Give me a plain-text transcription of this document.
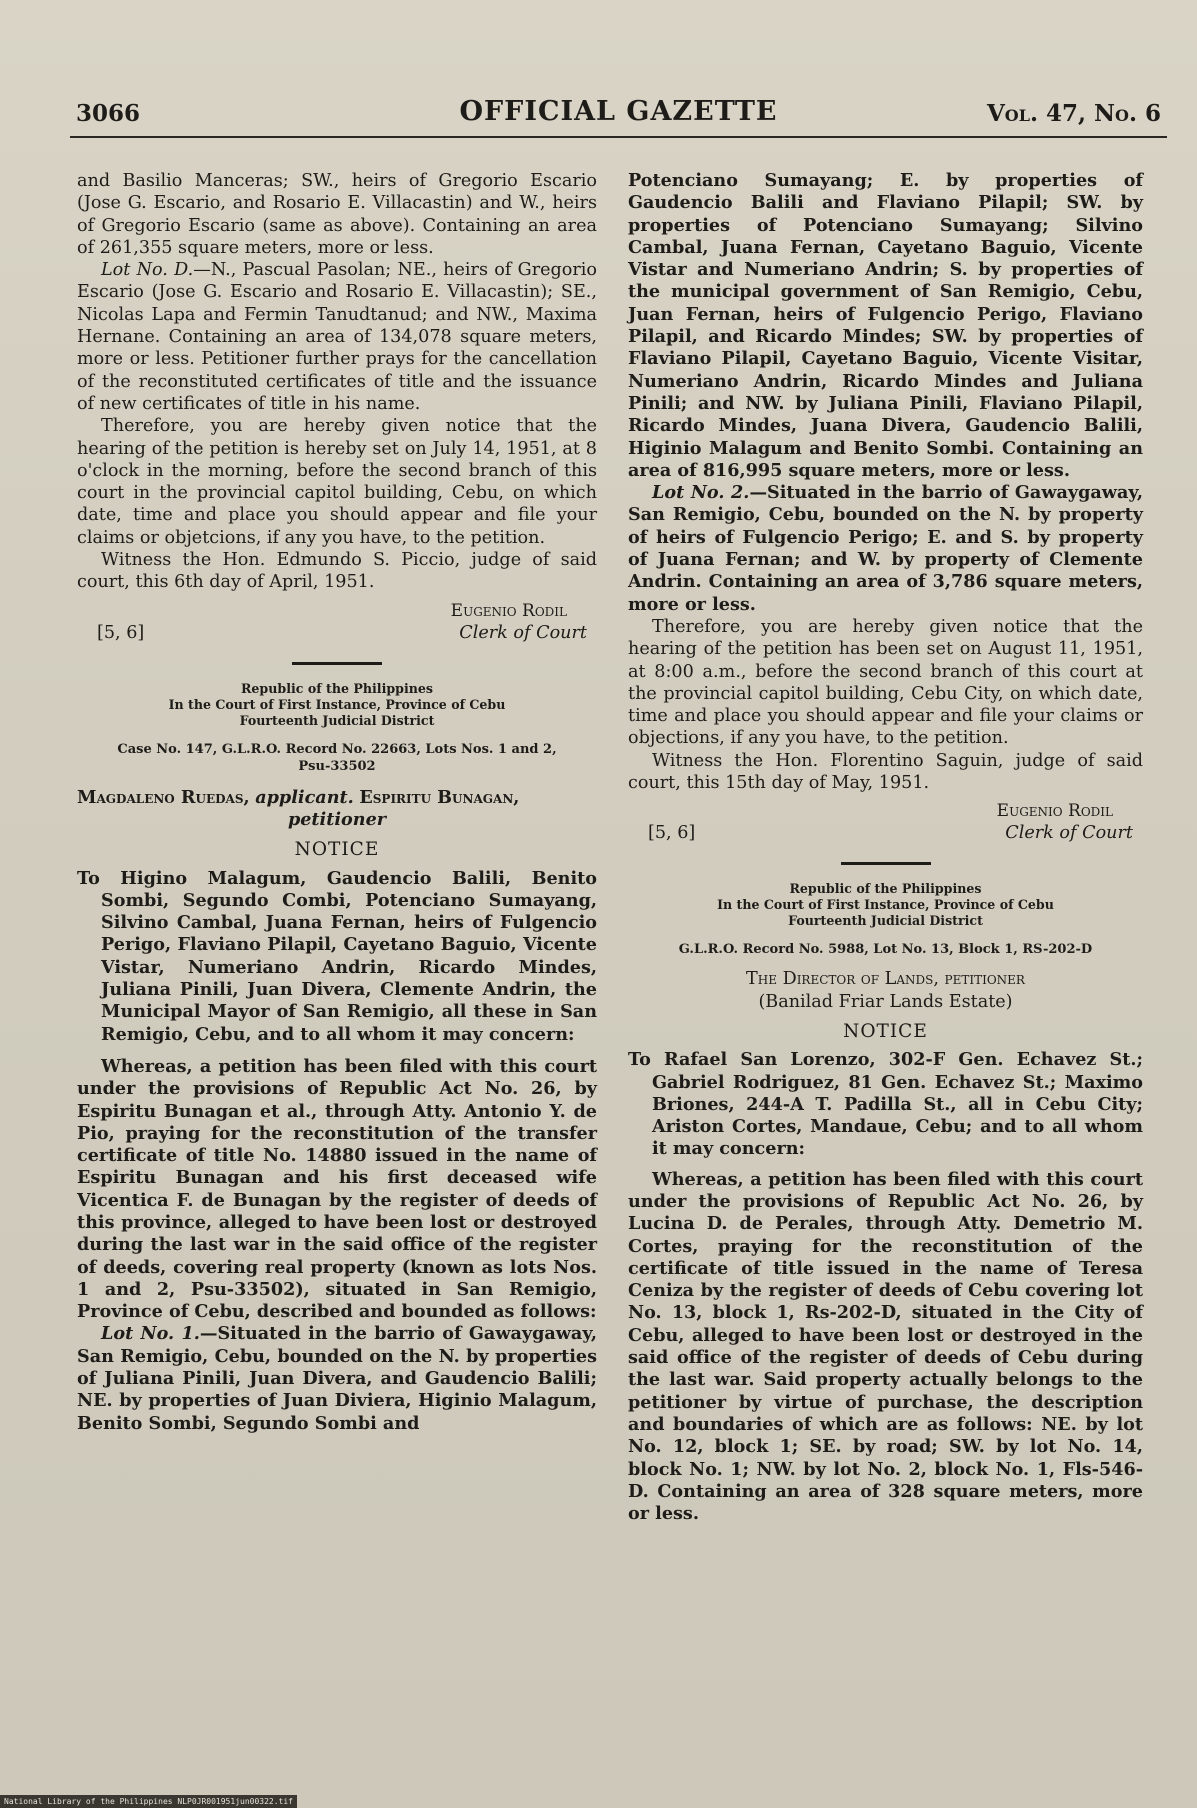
3066	OFFICIAL GAZETTE	Vol. 47, No. 6

and Basilio Manceras; SW., heirs of Gregorio Escario (Jose G. Escario, and Rosario E. Villacastin) and W., heirs of Gregorio Escario (same as above). Containing an area of 261,355 square meters, more or less.

Lot No. D.—N., Pascual Pasolan; NE., heirs of Gregorio Escario (Jose G. Escario and Rosario E. Villacastin); SE., Nicolas Lapa and Fermin Tanudtanud; and NW., Maxima Hernane. Containing an area of 134,078 square meters, more or less. Petitioner further prays for the cancellation of the reconstituted certificates of title and the issuance of new certificates of title in his name.

Therefore, you are hereby given notice that the hearing of the petition is hereby set on July 14, 1951, at 8 o'clock in the morning, before the second branch of this court in the provincial capitol building, Cebu, on which date, time and place you should appear and file your claims or objetcions, if any you have, to the petition.

Witness the Hon. Edmundo S. Piccio, judge of said court, this 6th day of April, 1951.

Eugenio Rodil
[5, 6]	Clerk of Court
Republic of the Philippines
In the Court of First Instance, Province of Cebu
Fourteenth Judicial District
Case No. 147, G.L.R.O. Record No. 22663, Lots Nos. 1 and 2,
Psu-33502
Magdaleno Ruedas, applicant. Espiritu Bunagan,
petitioner
NOTICE

To Higino Malagum, Gaudencio Balili, Benito Sombi, Segundo Combi, Potenciano Sumayang, Silvino Cambal, Juana Fernan, heirs of Fulgencio Perigo, Flaviano Pilapil, Cayetano Baguio, Vicente Vistar, Numeriano Andrin, Ricardo Mindes, Juliana Pinili, Juan Divera, Clemente Andrin, the Municipal Mayor of San Remigio, all these in San Remigio, Cebu, and to all whom it may concern:

Whereas, a petition has been filed with this court under the provisions of Republic Act No. 26, by Espiritu Bunagan et al., through Atty. Antonio Y. de Pio, praying for the reconstitution of the transfer certificate of title No. 14880 issued in the name of Espiritu Bunagan and his first deceased wife Vicentica F. de Bunagan by the register of deeds of this province, alleged to have been lost or destroyed during the last war in the said office of the register of deeds, covering real property (known as lots Nos. 1 and 2, Psu-33502), situated in San Remigio, Province of Cebu, described and bounded as follows:

Lot No. 1.—Situated in the barrio of Gawaygaway, San Remigio, Cebu, bounded on the N. by properties of Juliana Pinili, Juan Divera, and Gaudencio Balili; NE. by properties of Juan Diviera, Higinio Malagum, Benito Sombi, Segundo Sombi and

Potenciano Sumayang; E. by properties of Gaudencio Balili and Flaviano Pilapil; SW. by properties of Potenciano Sumayang; Silvino Cambal, Juana Fernan, Cayetano Baguio, Vicente Vistar and Numeriano Andrin; S. by properties of the municipal government of San Remigio, Cebu, Juan Fernan, heirs of Fulgencio Perigo, Flaviano Pilapil, and Ricardo Mindes; SW. by properties of Flaviano Pilapil, Cayetano Baguio, Vicente Visitar, Numeriano Andrin, Ricardo Mindes and Juliana Pinili; and NW. by Juliana Pinili, Flaviano Pilapil, Ricardo Mindes, Juana Divera, Gaudencio Balili, Higinio Malagum and Benito Sombi. Containing an area of 816,995 square meters, more or less.

Lot No. 2.—Situated in the barrio of Gawaygaway, San Remigio, Cebu, bounded on the N. by property of heirs of Fulgencio Perigo; E. and S. by property of Juana Fernan; and W. by property of Clemente Andrin. Containing an area of 3,786 square meters, more or less.

Therefore, you are hereby given notice that the hearing of the petition has been set on August 11, 1951, at 8:00 a.m., before the second branch of this court at the provincial capitol building, Cebu City, on which date, time and place you should appear and file your claims or objections, if any you have, to the petition.

Witness the Hon. Florentino Saguin, judge of said court, this 15th day of May, 1951.

Eugenio Rodil
[5, 6]	Clerk of Court
Republic of the Philippines
In the Court of First Instance, Province of Cebu
Fourteenth Judicial District
G.L.R.O. Record No. 5988, Lot No. 13, Block 1, RS-202-D
The Director of Lands, petitioner
(Banilad Friar Lands Estate)
NOTICE

To Rafael San Lorenzo, 302-F Gen. Echavez St.; Gabriel Rodriguez, 81 Gen. Echavez St.; Maximo Briones, 244-A T. Padilla St., all in Cebu City; Ariston Cortes, Mandaue, Cebu; and to all whom it may concern:

Whereas, a petition has been filed with this court under the provisions of Republic Act No. 26, by Lucina D. de Perales, through Atty. Demetrio M. Cortes, praying for the reconstitution of the certificate of title issued in the name of Teresa Ceniza by the register of deeds of Cebu covering lot No. 13, block 1, Rs-202-D, situated in the City of Cebu, alleged to have been lost or destroyed in the said office of the register of deeds of Cebu during the last war. Said property actually belongs to the petitioner by virtue of purchase, the description and boundaries of which are as follows: NE. by lot No. 12, block 1; SE. by road; SW. by lot No. 14, block No. 1; NW. by lot No. 2, block No. 1, Fls-546-D. Containing an area of 328 square meters, more or less.

National Library of the Philippines NLP0JR001951jun00322.tif
